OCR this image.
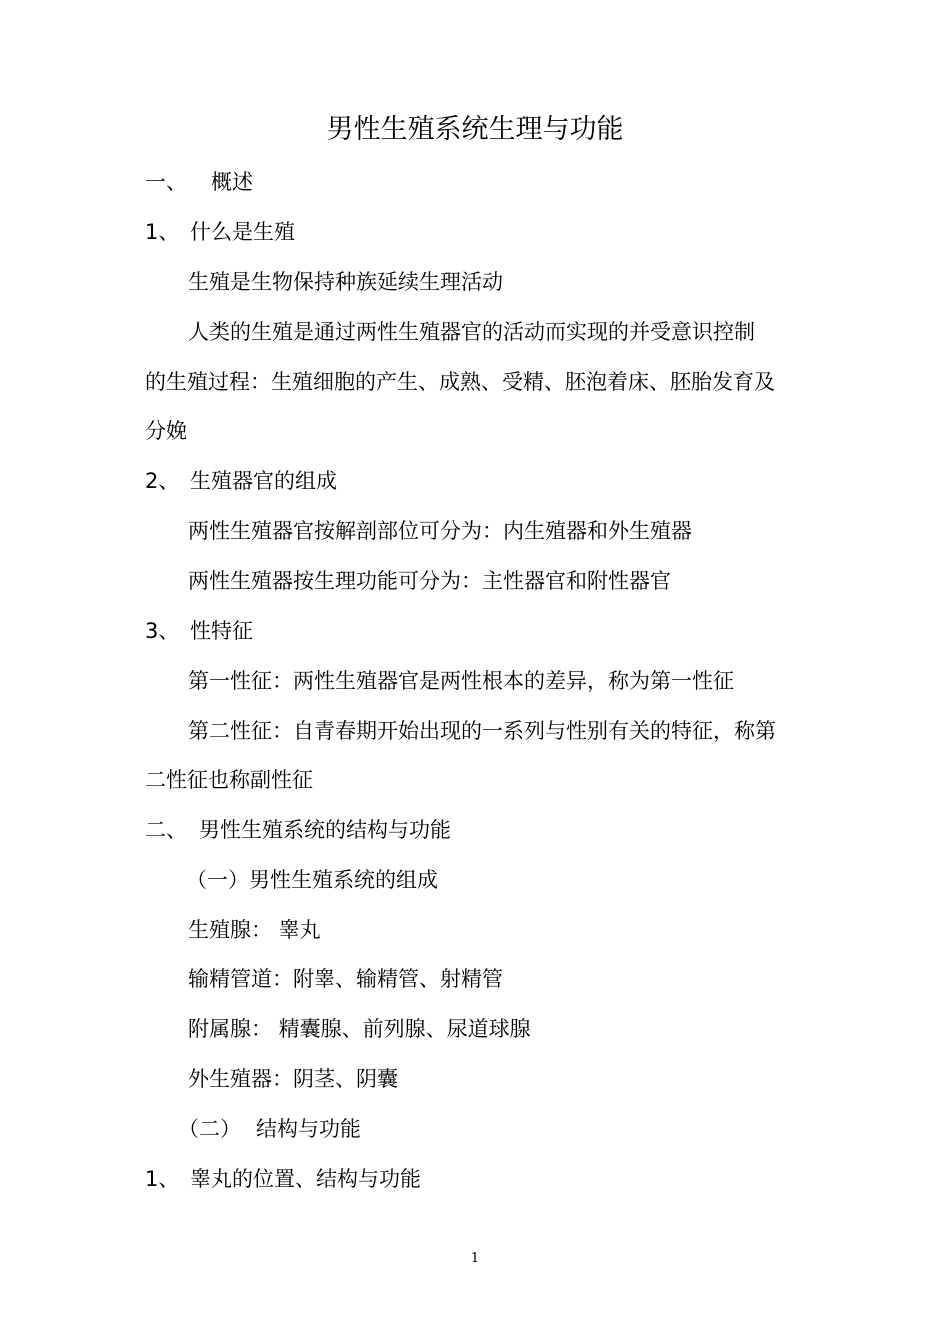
男性生殖系统生理与功能
一、 概述
1、 什么是生殖
生殖是生物保持种族延续生理活动
人类的生殖是通过两性生殖器官的活动而实现的并受意识控制
的生殖过程：生殖细胞的产生、成熟、受精、胚泡着床、胚胎发育及
分娩
2、 生殖器官的组成
两性生殖器官按解剖部位可分为：内生殖器和外生殖器
两性生殖器按生理功能可分为：主性器官和附性器官
3、 性特征
第一性征：两性生殖器官是两性根本的差异，称为第一性征
第二性征：自青春期开始出现的一系列与性别有关的特征，称第
二性征也称副性征
二、 男性生殖系统的结构与功能
（一）男性生殖系统的组成
生殖腺： 睾丸
输精管道：附睾、输精管、射精管
附属腺： 精囊腺、前列腺、尿道球腺
外生殖器：阴茎、阴囊
（二） 结构与功能
1、 睾丸的位置、结构与功能
1
